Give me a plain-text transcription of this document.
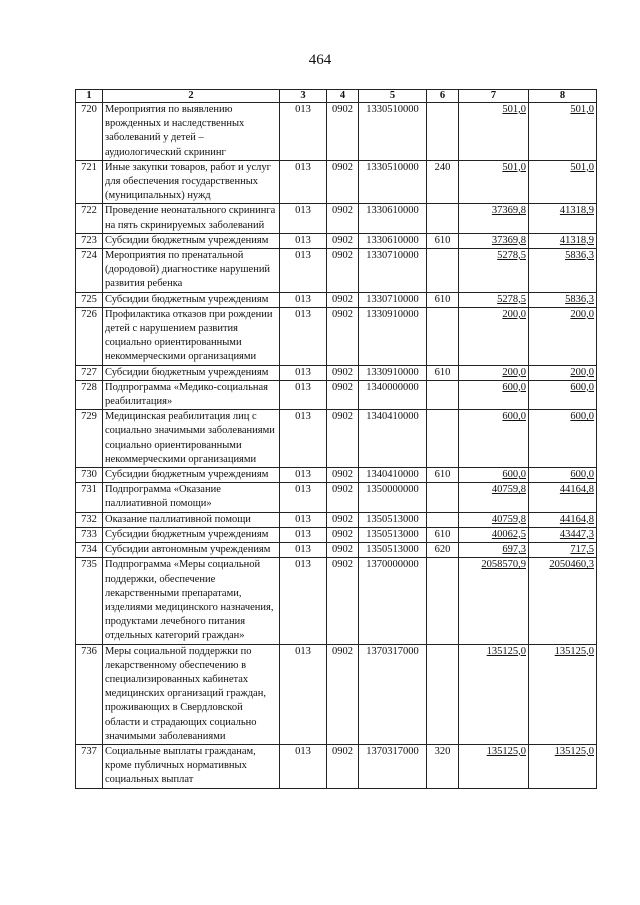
464
1	2	3	4	5	6	7	8
720	Мероприятия по выявлению врожденных и наследственных заболеваний у детей – аудиологический скрининг	013	0902	1330510000		501,0	501,0
721	Иные закупки товаров, работ и услуг для обеспечения государственных (муниципальных) нужд	013	0902	1330510000	240	501,0	501,0
722	Проведение неонатального скрининга на пять скринируемых заболеваний	013	0902	1330610000		37369,8	41318,9
723	Субсидии бюджетным учреждениям	013	0902	1330610000	610	37369,8	41318,9
724	Мероприятия по пренатальной (дородовой) диагностике нарушений развития ребенка	013	0902	1330710000		5278,5	5836,3
725	Субсидии бюджетным учреждениям	013	0902	1330710000	610	5278,5	5836,3
726	Профилактика отказов при рождении детей с нарушением развития социально ориентированными некоммерческими организациями	013	0902	1330910000		200,0	200,0
727	Субсидии бюджетным учреждениям	013	0902	1330910000	610	200,0	200,0
728	Подпрограмма «Медико-социальная реабилитация»	013	0902	1340000000		600,0	600,0
729	Медицинская реабилитация лиц с социально значимыми заболеваниями социально ориентированными некоммерческими организациями	013	0902	1340410000		600,0	600,0
730	Субсидии бюджетным учреждениям	013	0902	1340410000	610	600,0	600,0
731	Подпрограмма «Оказание паллиативной помощи»	013	0902	1350000000		40759,8	44164,8
732	Оказание паллиативной помощи	013	0902	1350513000		40759,8	44164,8
733	Субсидии бюджетным учреждениям	013	0902	1350513000	610	40062,5	43447,3
734	Субсидии автономным учреждениям	013	0902	1350513000	620	697,3	717,5
735	Подпрограмма «Меры социальной поддержки, обеспечение лекарственными препаратами, изделиями медицинского назначения, продуктами лечебного питания отдельных категорий граждан»	013	0902	1370000000		2058570,9	2050460,3
736	Меры социальной поддержки по лекарственному обеспечению в специализированных кабинетах медицинских организаций граждан, проживающих в Свердловской области и страдающих социально значимыми заболеваниями	013	0902	1370317000		135125,0	135125,0
737	Социальные выплаты гражданам, кроме публичных нормативных социальных выплат	013	0902	1370317000	320	135125,0	135125,0
